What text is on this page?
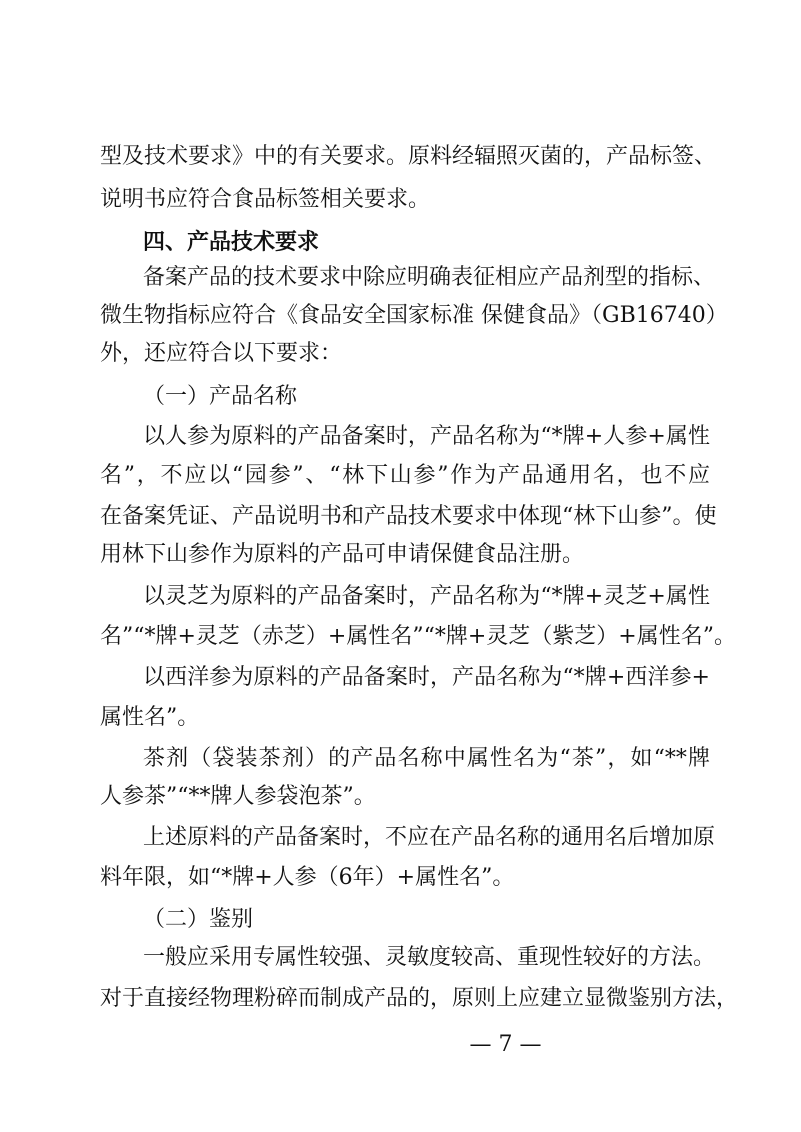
型及技术要求》中的有关要求。原料经辐照灭菌的，产品标签、
说明书应符合食品标签相关要求。
四、产品技术要求
备案产品的技术要求中除应明确表征相应产品剂型的指标、
微生物指标应符合《食品安全国家标准 保健食品》（GB16740）
外，还应符合以下要求：
（一）产品名称
以人参为原料的产品备案时，产品名称为“*牌+人参+属性
名”，不应以“园参”、“林下山参”作为产品通用名，也不应
在备案凭证、产品说明书和产品技术要求中体现“林下山参”。使
用林下山参作为原料的产品可申请保健食品注册。
以灵芝为原料的产品备案时，产品名称为“*牌+灵芝+属性
名”“*牌+灵芝（赤芝）+属性名”“*牌+灵芝（紫芝）+属性名”。
以西洋参为原料的产品备案时，产品名称为“*牌+西洋参+
属性名”。
茶剂（袋装茶剂）的产品名称中属性名为“茶”，如“**牌
人参茶”“**牌人参袋泡茶”。
上述原料的产品备案时，不应在产品名称的通用名后增加原
料年限，如“*牌+人参（6年）+属性名”。
（二）鉴别
一般应采用专属性较强、灵敏度较高、重现性较好的方法。
对于直接经物理粉碎而制成产品的，原则上应建立显微鉴别方法，
— 7 —
